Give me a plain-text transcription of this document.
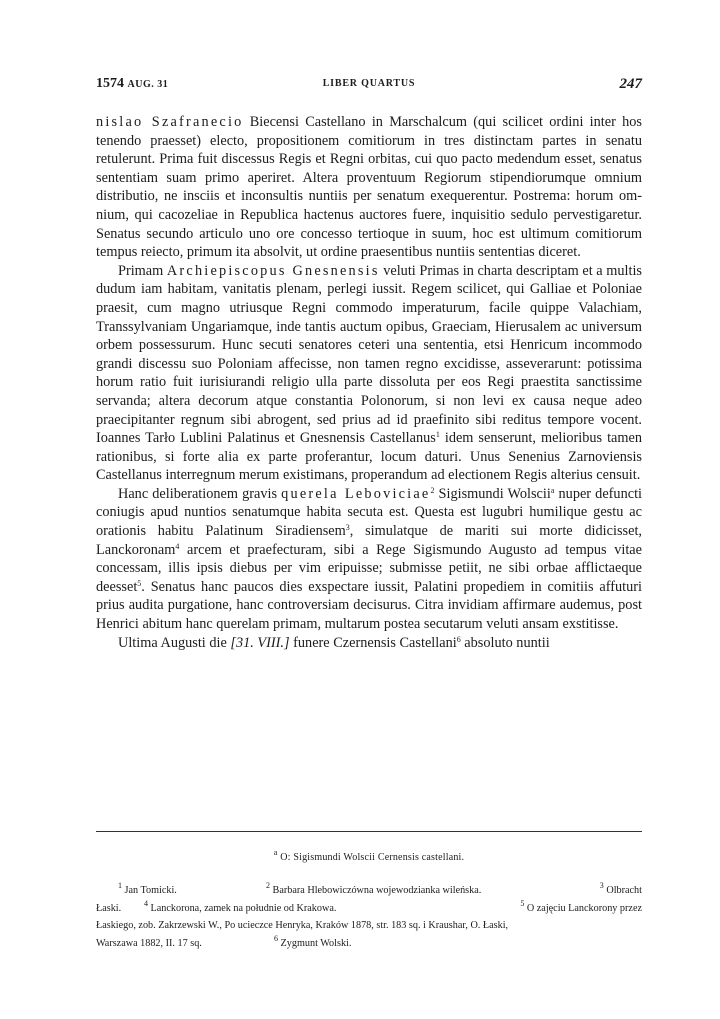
1574 AUG. 31	LIBER QUARTUS	247

nislao Szafranecio Biecensi Castellano in Marschalcum (qui scilicet ordini inter hos tenendo praesset) electo, propositionem comitiorum in tres distinctam partes in senatu retulerunt. Prima fuit discessus Regis et Regni orbitas, cui quo pacto medendum esset, senatus sententiam suam primo aperiret. Altera proventuum Regiorum stipendiorumque omnium distributio, ne insciis et inconsultis nuntiis per senatum exequerentur. Postrema: horum omnium, qui cacozeliae in Republica hactenus auctores fuere, inquisitio sedulo pervestigaretur. Senatus secundo articulo uno ore concesso tertioque in suum, hoc est ultimum comitiorum tempus reiecto, primum ita absolvit, ut ordine praesentibus nuntiis sententias diceret.

Primam Archiepiscopus Gnesnensis veluti Primas in charta descriptam et a multis dudum iam habitam, vanitatis plenam, perlegi iussit. Regem scilicet, qui Galliae et Poloniae praesit, cum magno utriusque Regni commodo imperaturum, facile quippe Valachiam, Transsylvaniam Ungariamque, inde tantis auctum opibus, Graeciam, Hierusalem ac universum orbem possessurum. Hunc secuti senatores ceteri una sententia, etsi Henricum incommodo grandi discessu suo Poloniam affecisse, non tamen regno excidisse, asseverarunt: potissima horum ratio fuit iurisiurandi religio ulla parte dissoluta per eos Regi praestita sanctissime servanda; altera decorum atque constantia Polonorum, si non levi ex causa neque adeo praecipitanter regnum sibi abrogent, sed prius ad id praefinito sibi reditus tempore vocent. Ioannes Tarło Lublini Palatinus et Gnesnensis Castellanus$^1$ idem senserunt, melioribus tamen rationibus, si forte alia ex parte proferantur, locum daturi. Unus Senenius Zarnoviensis Castellanus interregnum merum existimans, properandum ad electionem Regis alterius censuit.

Hanc deliberationem gravis querela Leboviciae$^2$ Sigismundi Wolscii$^a$ nuper defuncti coniugis apud nuntios senatumque habita secuta est. Questa est lugubri humilique gestu ac orationis habitu Palatinum Siradiensem$^3$, simulatque de mariti sui morte didicisset, Lanckoronam$^4$ arcem et praefecturam, sibi a Rege Sigismundo Augusto ad tempus vitae concessam, illis ipsis diebus per vim eripuisse; submisse petiit, ne sibi orbae afflictaeque deesset$^5$. Senatus hanc paucos dies exspectare iussit, Palatini propediem in comitiis affuturi prius audita purgatione, hanc controversiam decisurus. Citra invidiam affirmare audemus, post Henrici abitum hanc querelam primam, multarum postea secutarum veluti ansam exstitisse.

Ultima Augusti die [31. VIII.] funere Czernensis Castellani$^6$ absoluto nuntii

$^a$ O: Sigismundi Wolscii Cernensis castellani.
$^1$ Jan Tomicki.	$^2$ Barbara Hlebowiczówna wojewodzianka wileńska.	$^3$ Olbracht
Łaski.	$^4$ Lanckorona, zamek na południe od Krakowa.	$^5$ O zajęciu Lanckorony przez
Łaskiego, zob. Zakrzewski W., Po ucieczce Henryka, Kraków 1878, str. 183 sq. i Kraushar, O. Łaski,
Warszawa 1882, II. 17 sq.	$^6$ Zygmunt Wolski.
